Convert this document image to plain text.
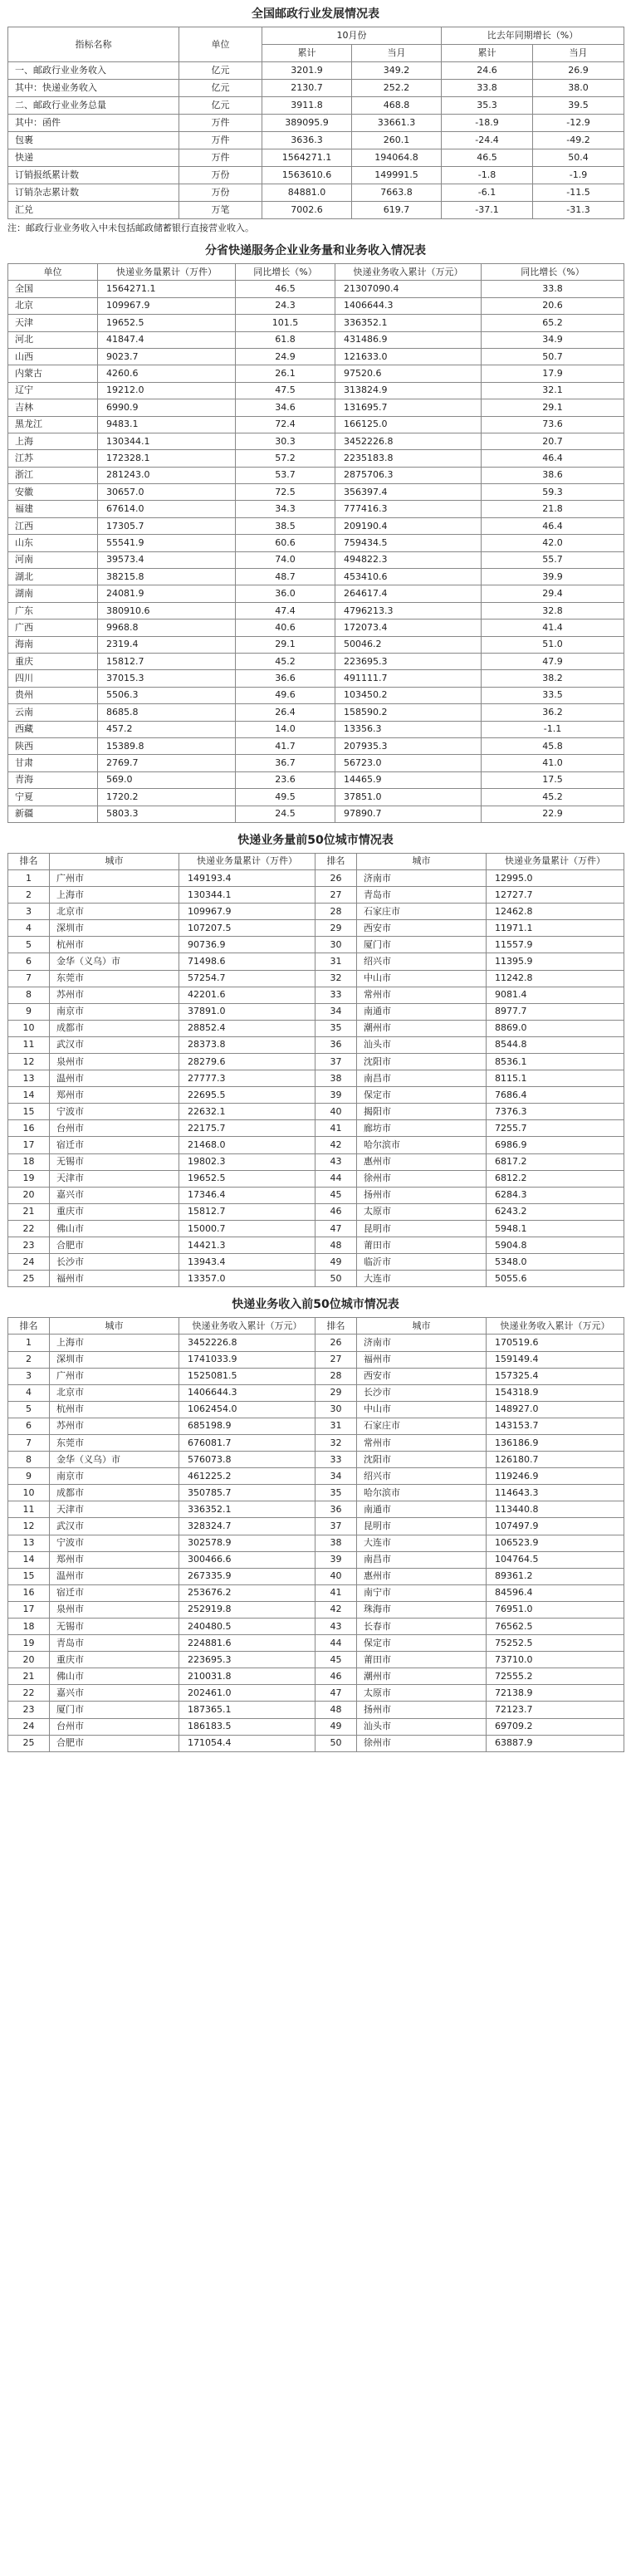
全国邮政行业发展情况表
指标名称	单位	10月份		比去年同期增长（%）	
		累计	当月	累计	当月
一、邮政行业业务收入	亿元	3201.9	349.2	24.6	26.9
其中：快递业务收入	亿元	2130.7	252.2	33.8	38.0
二、邮政行业业务总量	亿元	3911.8	468.8	35.3	39.5
其中：函件	万件	389095.9	33661.3	-18.9	-12.9
包裹	万件	3636.3	260.1	-24.4	-49.2
快递	万件	1564271.1	194064.8	46.5	50.4
订销报纸累计数	万份	1563610.6	149991.5	-1.8	-1.9
订销杂志累计数	万份	84881.0	7663.8	-6.1	-11.5
汇兑	万笔	7002.6	619.7	-37.1	-31.3
注：邮政行业业务收入中未包括邮政储蓄银行直接营业收入。
分省快递服务企业业务量和业务收入情况表
单位	快递业务量累计（万件）	同比增长（%）	快递业务收入累计（万元）	同比增长（%）
全国	1564271.1	46.5	21307090.4	33.8
北京	109967.9	24.3	1406644.3	20.6
天津	19652.5	101.5	336352.1	65.2
河北	41847.4	61.8	431486.9	34.9
山西	9023.7	24.9	121633.0	50.7
内蒙古	4260.6	26.1	97520.6	17.9
辽宁	19212.0	47.5	313824.9	32.1
吉林	6990.9	34.6	131695.7	29.1
黑龙江	9483.1	72.4	166125.0	73.6
上海	130344.1	30.3	3452226.8	20.7
江苏	172328.1	57.2	2235183.8	46.4
浙江	281243.0	53.7	2875706.3	38.6
安徽	30657.0	72.5	356397.4	59.3
福建	67614.0	34.3	777416.3	21.8
江西	17305.7	38.5	209190.4	46.4
山东	55541.9	60.6	759434.5	42.0
河南	39573.4	74.0	494822.3	55.7
湖北	38215.8	48.7	453410.6	39.9
湖南	24081.9	36.0	264617.4	29.4
广东	380910.6	47.4	4796213.3	32.8
广西	9968.8	40.6	172073.4	41.4
海南	2319.4	29.1	50046.2	51.0
重庆	15812.7	45.2	223695.3	47.9
四川	37015.3	36.6	491111.7	38.2
贵州	5506.3	49.6	103450.2	33.5
云南	8685.8	26.4	158590.2	36.2
西藏	457.2	14.0	13356.3	-1.1
陕西	15389.8	41.7	207935.3	45.8
甘肃	2769.7	36.7	56723.0	41.0
青海	569.0	23.6	14465.9	17.5
宁夏	1720.2	49.5	37851.0	45.2
新疆	5803.3	24.5	97890.7	22.9
快递业务量前50位城市情况表
排名	城市	快递业务量累计（万件）	排名	城市	快递业务量累计（万件）
1	广州市	149193.4	26	济南市	12995.0
2	上海市	130344.1	27	青岛市	12727.7
3	北京市	109967.9	28	石家庄市	12462.8
4	深圳市	107207.5	29	西安市	11971.1
5	杭州市	90736.9	30	厦门市	11557.9
6	金华（义乌）市	71498.6	31	绍兴市	11395.9
7	东莞市	57254.7	32	中山市	11242.8
8	苏州市	42201.6	33	常州市	9081.4
9	南京市	37891.0	34	南通市	8977.7
10	成都市	28852.4	35	潮州市	8869.0
11	武汉市	28373.8	36	汕头市	8544.8
12	泉州市	28279.6	37	沈阳市	8536.1
13	温州市	27777.3	38	南昌市	8115.1
14	郑州市	22695.5	39	保定市	7686.4
15	宁波市	22632.1	40	揭阳市	7376.3
16	台州市	22175.7	41	廊坊市	7255.7
17	宿迁市	21468.0	42	哈尔滨市	6986.9
18	无锡市	19802.3	43	惠州市	6817.2
19	天津市	19652.5	44	徐州市	6812.2
20	嘉兴市	17346.4	45	扬州市	6284.3
21	重庆市	15812.7	46	太原市	6243.2
22	佛山市	15000.7	47	昆明市	5948.1
23	合肥市	14421.3	48	莆田市	5904.8
24	长沙市	13943.4	49	临沂市	5348.0
25	福州市	13357.0	50	大连市	5055.6
快递业务收入前50位城市情况表
排名	城市	快递业务收入累计（万元）	排名	城市	快递业务收入累计（万元）
1	上海市	3452226.8	26	济南市	170519.6
2	深圳市	1741033.9	27	福州市	159149.4
3	广州市	1525081.5	28	西安市	157325.4
4	北京市	1406644.3	29	长沙市	154318.9
5	杭州市	1062454.0	30	中山市	148927.0
6	苏州市	685198.9	31	石家庄市	143153.7
7	东莞市	676081.7	32	常州市	136186.9
8	金华（义乌）市	576073.8	33	沈阳市	126180.7
9	南京市	461225.2	34	绍兴市	119246.9
10	成都市	350785.7	35	哈尔滨市	114643.3
11	天津市	336352.1	36	南通市	113440.8
12	武汉市	328324.7	37	昆明市	107497.9
13	宁波市	302578.9	38	大连市	106523.9
14	郑州市	300466.6	39	南昌市	104764.5
15	温州市	267335.9	40	惠州市	89361.2
16	宿迁市	253676.2	41	南宁市	84596.4
17	泉州市	252919.8	42	珠海市	76951.0
18	无锡市	240480.5	43	长春市	76562.5
19	青岛市	224881.6	44	保定市	75252.5
20	重庆市	223695.3	45	莆田市	73710.0
21	佛山市	210031.8	46	潮州市	72555.2
22	嘉兴市	202461.0	47	太原市	72138.9
23	厦门市	187365.1	48	扬州市	72123.7
24	台州市	186183.5	49	汕头市	69709.2
25	合肥市	171054.4	50	徐州市	63887.9
